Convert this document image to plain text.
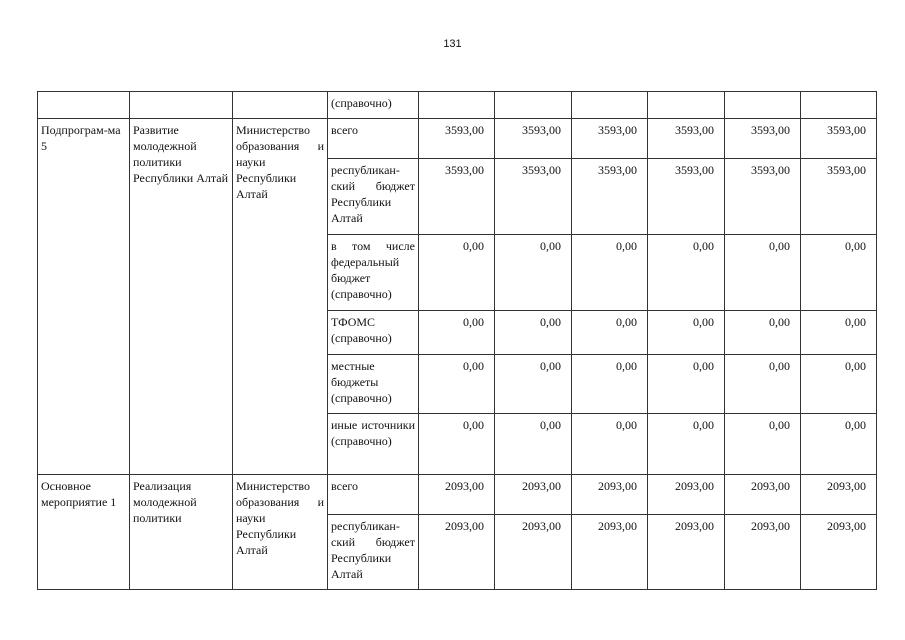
131
			(справочно)						
Подпрограм-ма 5	Развитие молодежной политики Республики Алтай	Министерство образования и науки Республики Алтай	всего	3593,00	3593,00	3593,00	3593,00	3593,00	3593,00
			республикан-ский бюджет Республики Алтай	3593,00	3593,00	3593,00	3593,00	3593,00	3593,00
			в том числе федеральный бюджет (справочно)	0,00	0,00	0,00	0,00	0,00	0,00
			ТФОМС (справочно)	0,00	0,00	0,00	0,00	0,00	0,00
			местные бюджеты (справочно)	0,00	0,00	0,00	0,00	0,00	0,00
			иные источники (справочно)	0,00	0,00	0,00	0,00	0,00	0,00
Основное мероприятие 1	Реализация молодежной политики	Министерство образования и науки Республики Алтай	всего	2093,00	2093,00	2093,00	2093,00	2093,00	2093,00
			республикан-ский бюджет Республики Алтай	2093,00	2093,00	2093,00	2093,00	2093,00	2093,00
